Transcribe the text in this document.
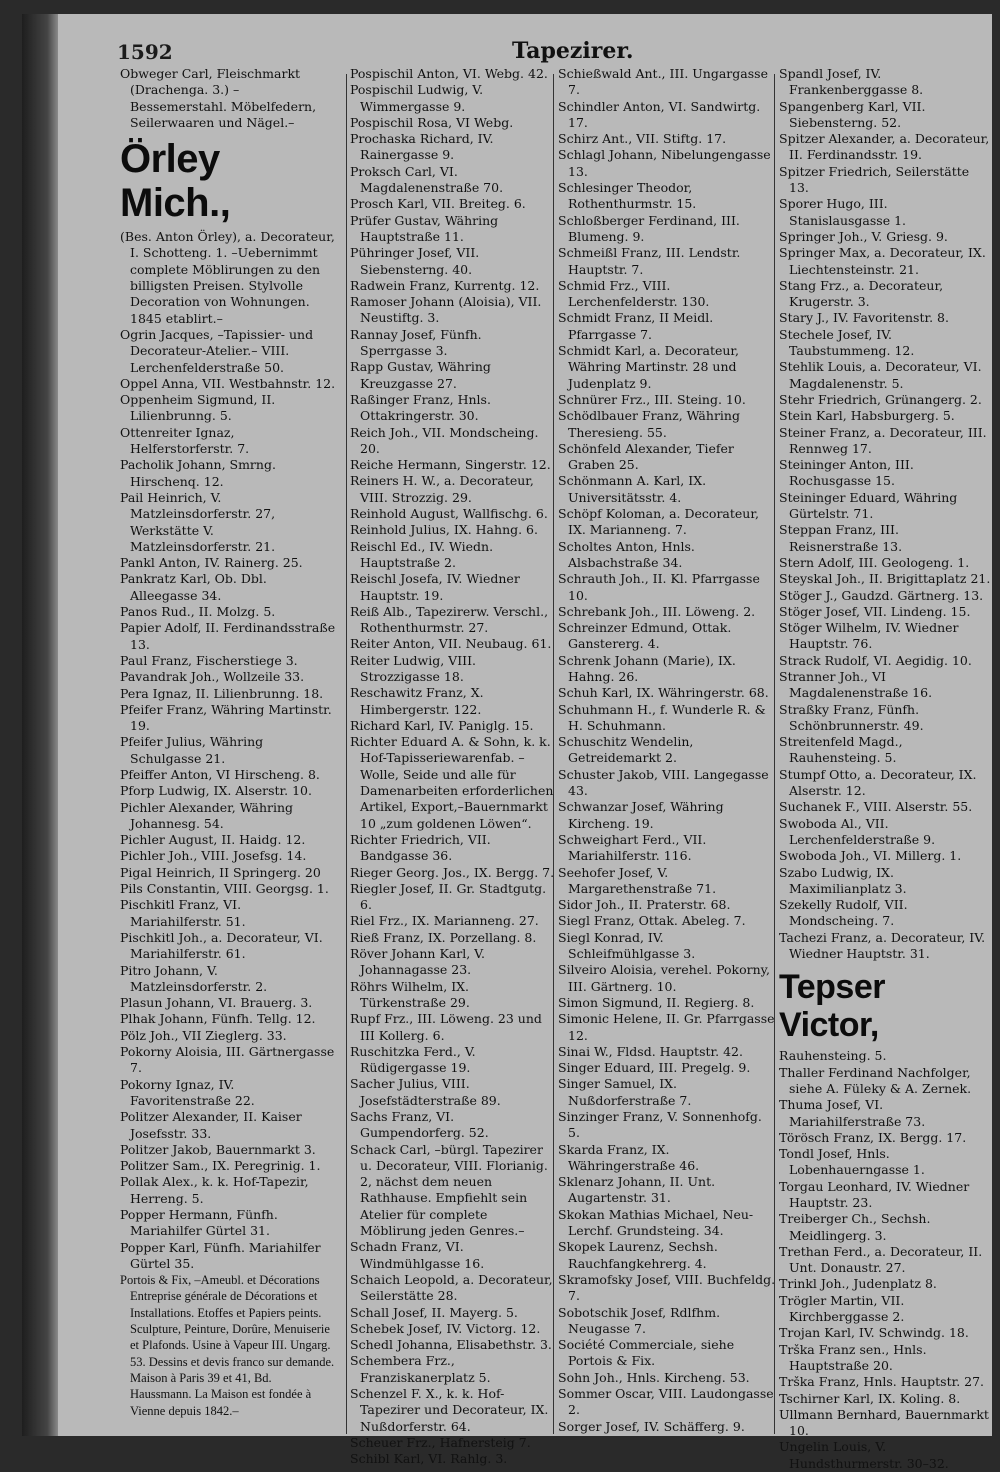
1592	Tapezirer.
Obweger Carl, Fleischmarkt (Drachenga. 3.) – Bessemerstahl. Möbelfedern, Seilerwaaren und Nägel.–
Örley Mich.,
(Bes. Anton Örley), a. Decorateur, I. Schotteng. 1. –Uebernimmt complete Möblirungen zu den billigsten Preisen. Stylvolle Decoration von Wohnungen. 1845 etablirt.–
Ogrin Jacques, –Tapissier- und Decorateur-Atelier.– VIII. Lerchenfelderstraße 50.
Oppel Anna, VII. Westbahnstr. 12.
Oppenheim Sigmund, II. Lilienbrunng. 5.
Ottenreiter Ignaz, Helferstorferstr. 7.
Pacholik Johann, Smrng. Hirschenq. 12.
Pail Heinrich, V. Matzleinsdorferstr. 27, Werkstätte V. Matzleinsdorferstr. 21.
Pankl Anton, IV. Rainerg. 25.
Pankratz Karl, Ob. Dbl. Alleegasse 34.
Panos Rud., II. Molzg. 5.
Papier Adolf, II. Ferdinandsstraße 13.
Paul Franz, Fischerstiege 3.
Pavandrak Joh., Wollzeile 33.
Pera Ignaz, II. Lilienbrunng. 18.
Pfeifer Franz, Währing Martinstr. 19.
Pfeifer Julius, Währing Schulgasse 21.
Pfeiffer Anton, VI Hirscheng. 8.
Pforp Ludwig, IX. Alserstr. 10.
Pichler Alexander, Währing Johannesg. 54.
Pichler August, II. Haidg. 12.
Pichler Joh., VIII. Josefsg. 14.
Pigal Heinrich, II Springerg. 20
Pils Constantin, VIII. Georgsg. 1.
Pischkitl Franz, VI. Mariahilferstr. 51.
Pischkitl Joh., a. Decorateur, VI. Mariahilferstr. 61.
Pitro Johann, V. Matzleinsdorferstr. 2.
Plasun Johann, VI. Brauerg. 3.
Plhak Johann, Fünfh. Tellg. 12.
Pölz Joh., VII Zieglerg. 33.
Pokorny Aloisia, III. Gärtnergasse 7.
Pokorny Ignaz, IV. Favoritenstraße 22.
Politzer Alexander, II. Kaiser Josefsstr. 33.
Politzer Jakob, Bauernmarkt 3.
Politzer Sam., IX. Peregrinig. 1.
Pollak Alex., k. k. Hof-Tapezir, Herreng. 5.
Popper Hermann, Fünfh. Mariahilfer Gürtel 31.
Popper Karl, Fünfh. Mariahilfer Gürtel 35.
Portois & Fix, –Ameubl. et Décorations Entreprise générale de Décorations et Installations. Etoffes et Papiers peints. Sculpture, Peinture, Dorûre, Menuiserie et Plafonds. Usine à Vapeur III. Ungarg. 53. Dessins et devis franco sur demande. Maison à Paris 39 et 41, Bd. Haussmann. La Maison est fondée à Vienne depuis 1842.–
Pospischil Anton, VI. Webg. 42.
Pospischil Ludwig, V. Wimmergasse 9.
Pospischil Rosa, VI Webg.
Prochaska Richard, IV. Rainergasse 9.
Proksch Carl, VI. Magdalenenstraße 70.
Prosch Karl, VII. Breiteg. 6.
Prüfer Gustav, Währing Hauptstraße 11.
Pühringer Josef, VII. Siebensterng. 40.
Radwein Franz, Kurrentg. 12.
Ramoser Johann (Aloisia), VII. Neustiftg. 3.
Rannay Josef, Fünfh. Sperrgasse 3.
Rapp Gustav, Währing Kreuzgasse 27.
Raßinger Franz, Hnls. Ottakringerstr. 30.
Reich Joh., VII. Mondscheing. 20.
Reiche Hermann, Singerstr. 12.
Reiners H. W., a. Decorateur, VIII. Strozzig. 29.
Reinhold August, Wallfischg. 6.
Reinhold Julius, IX. Hahng. 6.
Reischl Ed., IV. Wiedn. Hauptstraße 2.
Reischl Josefa, IV. Wiedner Hauptstr. 19.
Reiß Alb., Tapezirerw. Verschl., Rothenthurmstr. 27.
Reiter Anton, VII. Neubaug. 61.
Reiter Ludwig, VIII. Strozzigasse 18.
Reschawitz Franz, X. Himbergerstr. 122.
Richard Karl, IV. Paniglg. 15.
Richter Eduard A. & Sohn, k. k. Hof-Tapisseriewarenfab. –Wolle, Seide und alle für Damenarbeiten erforderlichen Artikel, Export,–Bauernmarkt 10 „zum goldenen Löwen“.
Richter Friedrich, VII. Bandgasse 36.
Rieger Georg. Jos., IX. Bergg. 7.
Riegler Josef, II. Gr. Stadtgutg. 6.
Riel Frz., IX. Marianneng. 27.
Rieß Franz, IX. Porzellang. 8.
Röver Johann Karl, V. Johannagasse 23.
Röhrs Wilhelm, IX. Türkenstraße 29.
Rupf Frz., III. Löweng. 23 und III Kollerg. 6.
Ruschitzka Ferd., V. Rüdigergasse 19.
Sacher Julius, VIII. Josefstädterstraße 89.
Sachs Franz, VI. Gumpendorferg. 52.
Schack Carl, –bürgl. Tapezirer u. Decorateur, VIII. Florianig. 2, nächst dem neuen Rathhause. Empfiehlt sein Atelier für complete Möblirung jeden Genres.–
Schadn Franz, VI. Windmühlgasse 16.
Schaich Leopold, a. Decorateur, Seilerstätte 28.
Schall Josef, II. Mayerg. 5.
Schebek Josef, IV. Victorg. 12.
Schedl Johanna, Elisabethstr. 3.
Schembera Frz., Franziskanerplatz 5.
Schenzel F. X., k. k. Hof-Tapezirer und Decorateur, IX. Nußdorferstr. 64.
Scheuer Frz., Hafnersteig 7.
Schibl Karl, VI. Rahlg. 3.
Schießwald Ant., III. Ungargasse 7.
Schindler Anton, VI. Sandwirtg. 17.
Schirz Ant., VII. Stiftg. 17.
Schlagl Johann, Nibelungengasse 13.
Schlesinger Theodor, Rothenthurmstr. 15.
Schloßberger Ferdinand, III. Blumeng. 9.
Schmeißl Franz, III. Lendstr. Hauptstr. 7.
Schmid Frz., VIII. Lerchenfelderstr. 130.
Schmidt Franz, II Meidl. Pfarrgasse 7.
Schmidt Karl, a. Decorateur, Währing Martinstr. 28 und Judenplatz 9.
Schnürer Frz., III. Steing. 10.
Schödlbauer Franz, Währing Theresieng. 55.
Schönfeld Alexander, Tiefer Graben 25.
Schönmann A. Karl, IX. Universitätsstr. 4.
Schöpf Koloman, a. Decorateur, IX. Marianneng. 7.
Scholtes Anton, Hnls. Alsbachstraße 34.
Schrauth Joh., II. Kl. Pfarrgasse 10.
Schrebank Joh., III. Löweng. 2.
Schreinzer Edmund, Ottak. Ganstererg. 4.
Schrenk Johann (Marie), IX. Hahng. 26.
Schuh Karl, IX. Währingerstr. 68.
Schuhmann H., f. Wunderle R. & H. Schuhmann.
Schuschitz Wendelin, Getreidemarkt 2.
Schuster Jakob, VIII. Langegasse 43.
Schwanzar Josef, Währing Kircheng. 19.
Schweighart Ferd., VII. Mariahilferstr. 116.
Seehofer Josef, V. Margarethenstraße 71.
Sidor Joh., II. Praterstr. 68.
Siegl Franz, Ottak. Abeleg. 7.
Siegl Konrad, IV. Schleifmühlgasse 3.
Silveiro Aloisia, verehel. Pokorny, III. Gärtnerg. 10.
Simon Sigmund, II. Regierg. 8.
Simonic Helene, II. Gr. Pfarrgasse 12.
Sinai W., Fldsd. Hauptstr. 42.
Singer Eduard, III. Pregelg. 9.
Singer Samuel, IX. Nußdorferstraße 7.
Sinzinger Franz, V. Sonnenhofg. 5.
Skarda Franz, IX. Währingerstraße 46.
Sklenarz Johann, II. Unt. Augartenstr. 31.
Skokan Mathias Michael, Neu-Lerchf. Grundsteing. 34.
Skopek Laurenz, Sechsh. Rauchfangkehrerg. 4.
Skramofsky Josef, VIII. Buchfeldg. 7.
Sobotschik Josef, Rdlfhm. Neugasse 7.
Société Commerciale, siehe Portois & Fix.
Sohn Joh., Hnls. Kircheng. 53.
Sommer Oscar, VIII. Laudongasse 2.
Sorger Josef, IV. Schäfferg. 9.
Spandl Josef, IV. Frankenberggasse 8.
Spangenberg Karl, VII. Siebensterng. 52.
Spitzer Alexander, a. Decorateur, II. Ferdinandsstr. 19.
Spitzer Friedrich, Seilerstätte 13.
Sporer Hugo, III. Stanislausgasse 1.
Springer Joh., V. Griesg. 9.
Springer Max, a. Decorateur, IX. Liechtensteinstr. 21.
Stang Frz., a. Decorateur, Krugerstr. 3.
Stary J., IV. Favoritenstr. 8.
Stechele Josef, IV. Taubstummeng. 12.
Stehlik Louis, a. Decorateur, VI. Magdalenenstr. 5.
Stehr Friedrich, Grünangerg. 2.
Stein Karl, Habsburgerg. 5.
Steiner Franz, a. Decorateur, III. Rennweg 17.
Steininger Anton, III. Rochusgasse 15.
Steininger Eduard, Währing Gürtelstr. 71.
Steppan Franz, III. Reisnerstraße 13.
Stern Adolf, III. Geologeng. 1.
Steyskal Joh., II. Brigittaplatz 21.
Stöger J., Gaudzd. Gärtnerg. 13.
Stöger Josef, VII. Lindeng. 15.
Stöger Wilhelm, IV. Wiedner Hauptstr. 76.
Strack Rudolf, VI. Aegidig. 10.
Stranner Joh., VI Magdalenenstraße 16.
Straßky Franz, Fünfh. Schönbrunnerstr. 49.
Streitenfeld Magd., Rauhensteing. 5.
Stumpf Otto, a. Decorateur, IX. Alserstr. 12.
Suchanek F., VIII. Alserstr. 55.
Swoboda Al., VII. Lerchenfelderstraße 9.
Swoboda Joh., VI. Millerg. 1.
Szabo Ludwig, IX. Maximilianplatz 3.
Szekelly Rudolf, VII. Mondscheing. 7.
Tachezi Franz, a. Decorateur, IV. Wiedner Hauptstr. 31.
Tepser Victor,
Rauhensteing. 5.
Thaller Ferdinand Nachfolger, siehe A. Füleky & A. Zernek.
Thuma Josef, VI. Mariahilferstraße 73.
Törösch Franz, IX. Bergg. 17.
Tondl Josef, Hnls. Lobenhauerngasse 1.
Torgau Leonhard, IV. Wiedner Hauptstr. 23.
Treiberger Ch., Sechsh. Meidlingerg. 3.
Trethan Ferd., a. Decorateur, II. Unt. Donaustr. 27.
Trinkl Joh., Judenplatz 8.
Trögler Martin, VII. Kirchberggasse 2.
Trojan Karl, IV. Schwindg. 18.
Trška Franz sen., Hnls. Hauptstraße 20.
Trška Franz, Hnls. Hauptstr. 27.
Tschirner Karl, IX. Koling. 8.
Ullmann Bernhard, Bauernmarkt 10.
Ungelin Louis, V. Hundsthurmerstr. 30–32.
